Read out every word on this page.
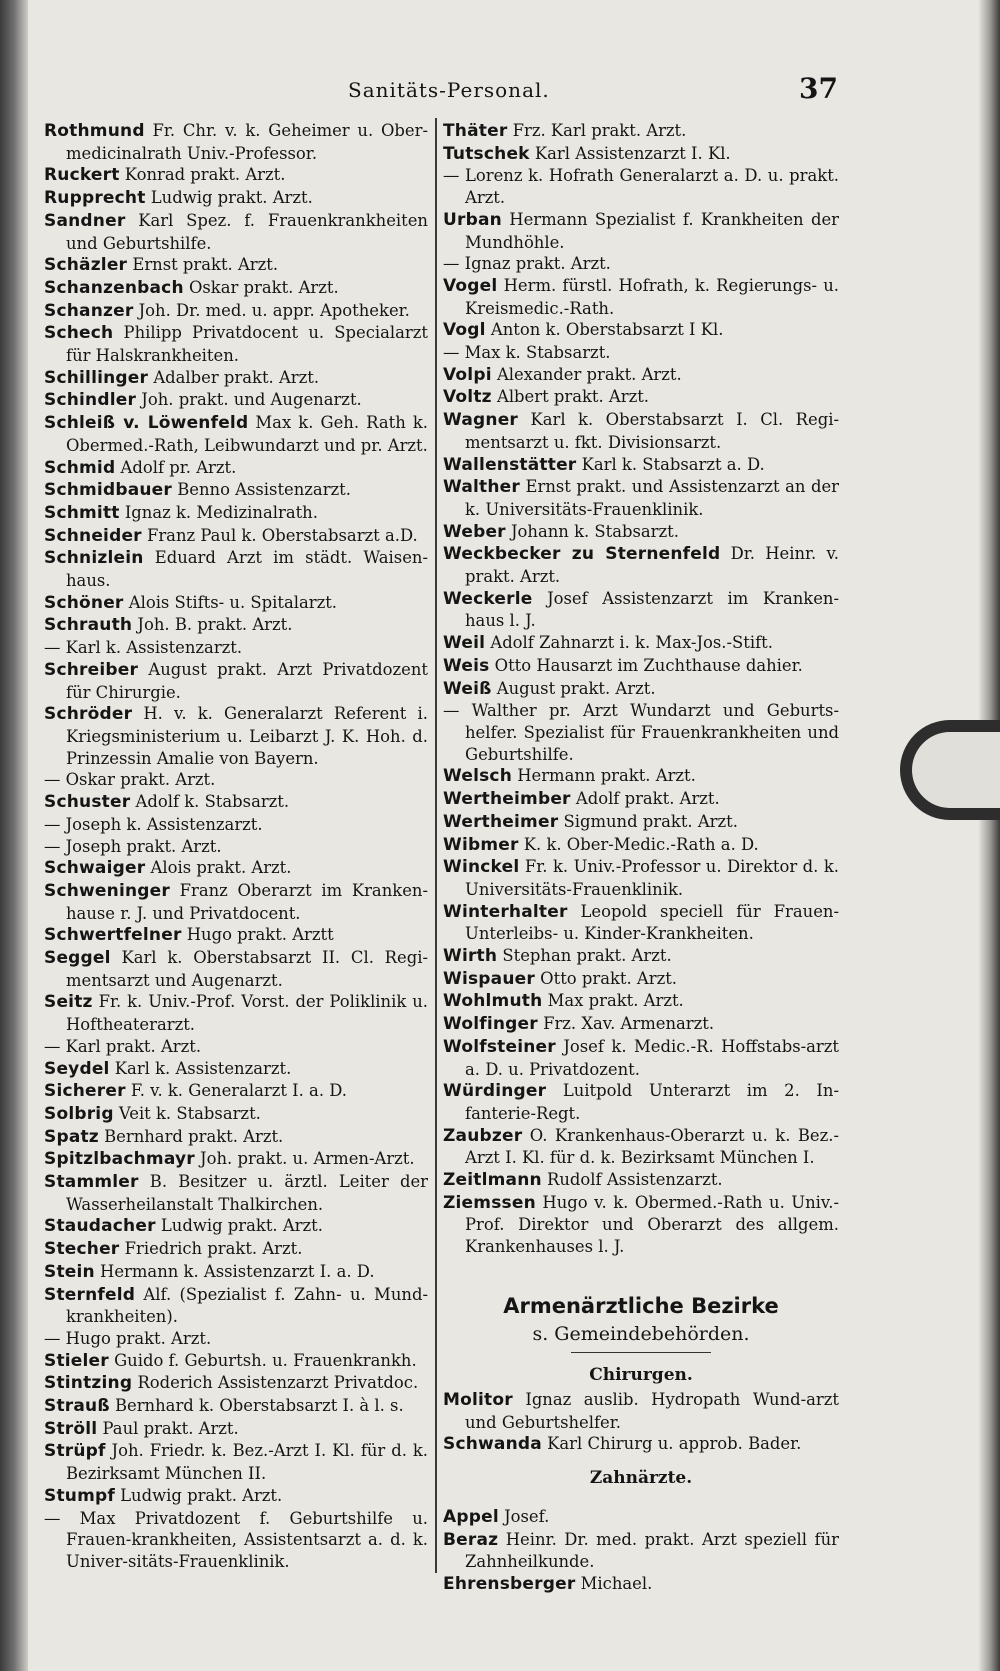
Sanitäts-Personal.	37
Rothmund Fr. Chr. v. k. Geheimer u. Ober-medicinalrath Univ.-Professor.
Ruckert Konrad prakt. Arzt.
Rupprecht Ludwig prakt. Arzt.
Sandner Karl Spez. f. Frauenkrankheiten und Geburtshilfe.
Schäzler Ernst prakt. Arzt.
Schanzenbach Oskar prakt. Arzt.
Schanzer Joh. Dr. med. u. appr. Apotheker.
Schech Philipp Privatdocent u. Specialarzt für Halskrankheiten.
Schillinger Adalber prakt. Arzt.
Schindler Joh. prakt. und Augenarzt.
Schleiß v. Löwenfeld Max k. Geh. Rath k. Obermed.-Rath, Leibwundarzt und pr. Arzt.
Schmid Adolf pr. Arzt.
Schmidbauer Benno Assistenzarzt.
Schmitt Ignaz k. Medizinalrath.
Schneider Franz Paul k. Oberstabsarzt a.D.
Schnizlein Eduard Arzt im städt. Waisen-haus.
Schöner Alois Stifts- u. Spitalarzt.
Schrauth Joh. B. prakt. Arzt.
— Karl k. Assistenzarzt.
Schreiber August prakt. Arzt Privatdozent für Chirurgie.
Schröder H. v. k. Generalarzt Referent i. Kriegsministerium u. Leibarzt J. K. Hoh. d. Prinzessin Amalie von Bayern.
— Oskar prakt. Arzt.
Schuster Adolf k. Stabsarzt.
— Joseph k. Assistenzarzt.
— Joseph prakt. Arzt.
Schwaiger Alois prakt. Arzt.
Schweninger Franz Oberarzt im Kranken-hause r. J. und Privatdocent.
Schwertfelner Hugo prakt. Arztt
Seggel Karl k. Oberstabsarzt II. Cl. Regi-mentsarzt und Augenarzt.
Seitz Fr. k. Univ.-Prof. Vorst. der Poliklinik u. Hoftheaterarzt.
— Karl prakt. Arzt.
Seydel Karl k. Assistenzarzt.
Sicherer F. v. k. Generalarzt I. a. D.
Solbrig Veit k. Stabsarzt.
Spatz Bernhard prakt. Arzt.
Spitzlbachmayr Joh. prakt. u. Armen-Arzt.
Stammler B. Besitzer u. ärztl. Leiter der Wasserheilanstalt Thalkirchen.
Staudacher Ludwig prakt. Arzt.
Stecher Friedrich prakt. Arzt.
Stein Hermann k. Assistenzarzt I. a. D.
Sternfeld Alf. (Spezialist f. Zahn- u. Mund-krankheiten).
— Hugo prakt. Arzt.
Stieler Guido f. Geburtsh. u. Frauenkrankh.
Stintzing Roderich Assistenzarzt Privatdoc.
Strauß Bernhard k. Oberstabsarzt I. à l. s.
Ströll Paul prakt. Arzt.
Strüpf Joh. Friedr. k. Bez.-Arzt I. Kl. für d. k. Bezirksamt München II.
Stumpf Ludwig prakt. Arzt.
— Max Privatdozent f. Geburtshilfe u. Frauen-krankheiten, Assistentsarzt a. d. k. Univer-sitäts-Frauenklinik.
Thäter Frz. Karl prakt. Arzt.
Tutschek Karl Assistenzarzt I. Kl.
— Lorenz k. Hofrath Generalarzt a. D. u. prakt. Arzt.
Urban Hermann Spezialist f. Krankheiten der Mundhöhle.
— Ignaz prakt. Arzt.
Vogel Herm. fürstl. Hofrath, k. Regierungs- u. Kreismedic.-Rath.
Vogl Anton k. Oberstabsarzt I Kl.
— Max k. Stabsarzt.
Volpi Alexander prakt. Arzt.
Voltz Albert prakt. Arzt.
Wagner Karl k. Oberstabsarzt I. Cl. Regi-mentsarzt u. fkt. Divisionsarzt.
Wallenstätter Karl k. Stabsarzt a. D.
Walther Ernst prakt. und Assistenzarzt an der k. Universitäts-Frauenklinik.
Weber Johann k. Stabsarzt.
Weckbecker zu Sternenfeld Dr. Heinr. v. prakt. Arzt.
Weckerle Josef Assistenzarzt im Kranken-haus l. J.
Weil Adolf Zahnarzt i. k. Max-Jos.-Stift.
Weis Otto Hausarzt im Zuchthause dahier.
Weiß August prakt. Arzt.
— Walther pr. Arzt Wundarzt und Geburts-helfer. Spezialist für Frauenkrankheiten und Geburtshilfe.
Welsch Hermann prakt. Arzt.
Wertheimber Adolf prakt. Arzt.
Wertheimer Sigmund prakt. Arzt.
Wibmer K. k. Ober-Medic.-Rath a. D.
Winckel Fr. k. Univ.-Professor u. Direktor d. k. Universitäts-Frauenklinik.
Winterhalter Leopold speciell für Frauen-Unterleibs- u. Kinder-Krankheiten.
Wirth Stephan prakt. Arzt.
Wispauer Otto prakt. Arzt.
Wohlmuth Max prakt. Arzt.
Wolfinger Frz. Xav. Armenarzt.
Wolfsteiner Josef k. Medic.-R. Hoffstabs-arzt a. D. u. Privatdozent.
Würdinger Luitpold Unterarzt im 2. In-fanterie-Regt.
Zaubzer O. Krankenhaus-Oberarzt u. k. Bez.-Arzt I. Kl. für d. k. Bezirksamt München I.
Zeitlmann Rudolf Assistenzarzt.
Ziemssen Hugo v. k. Obermed.-Rath u. Univ.-Prof. Direktor und Oberarzt des allgem. Krankenhauses l. J.
Armenärztliche Bezirke
s. Gemeindebehörden.
Chirurgen.
Molitor Ignaz auslib. Hydropath Wund-arzt und Geburtshelfer.
Schwanda Karl Chirurg u. approb. Bader.
Zahnärzte.
Appel Josef.
Beraz Heinr. Dr. med. prakt. Arzt speziell für Zahnheilkunde.
Ehrensberger Michael.
